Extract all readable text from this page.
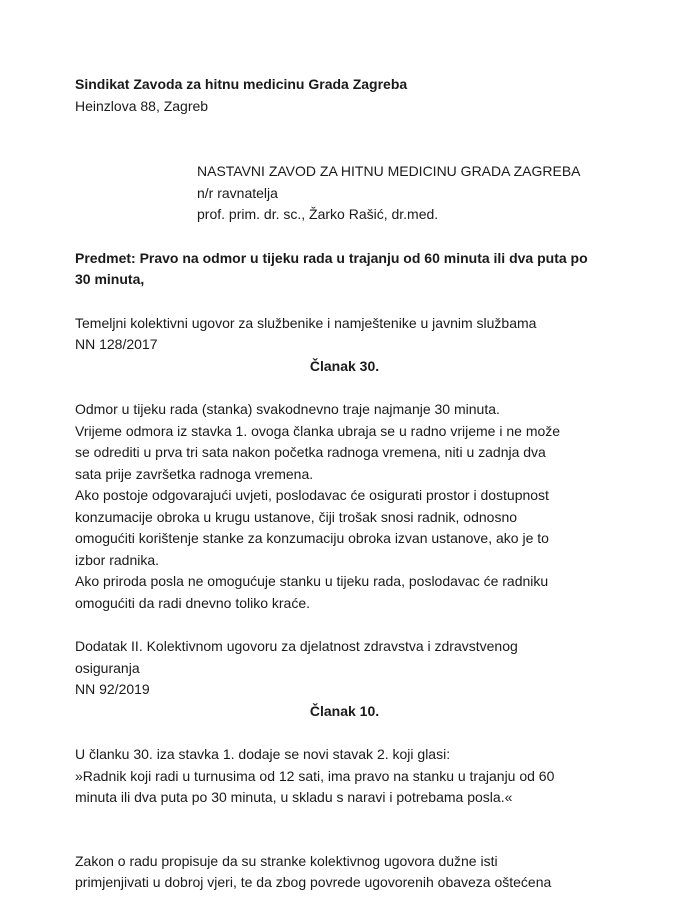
Sindikat Zavoda za hitnu medicinu Grada Zagreba

Heinzlova 88, Zagreb

NASTAVNI ZAVOD ZA HITNU MEDICINU GRADA ZAGREBA

n/r ravnatelja

prof. prim. dr. sc., Žarko Rašić, dr.med.

Predmet: Pravo na odmor u tijeku rada u trajanju od 60 minuta ili dva puta po

30 minuta,

Temeljni kolektivni ugovor za službenike i namještenike u javnim službama

NN 128/2017

Članak 30.

Odmor u tijeku rada (stanka) svakodnevno traje najmanje 30 minuta.

Vrijeme odmora iz stavka 1. ovoga članka ubraja se u radno vrijeme i ne može

se odrediti u prva tri sata nakon početka radnoga vremena, niti u zadnja dva

sata prije završetka radnoga vremena.

Ako postoje odgovarajući uvjeti, poslodavac će osigurati prostor i dostupnost

konzumacije obroka u krugu ustanove, čiji trošak snosi radnik, odnosno

omogućiti korištenje stanke za konzumaciju obroka izvan ustanove, ako je to

izbor radnika.

Ako priroda posla ne omogućuje stanku u tijeku rada, poslodavac će radniku

omogućiti da radi dnevno toliko kraće.

Dodatak II. Kolektivnom ugovoru za djelatnost zdravstva i zdravstvenog

osiguranja

NN 92/2019

Članak 10.

U članku 30. iza stavka 1. dodaje se novi stavak 2. koji glasi:

»Radnik koji radi u turnusima od 12 sati, ima pravo na stanku u trajanju od 60

minuta ili dva puta po 30 minuta, u skladu s naravi i potrebama posla.«

Zakon o radu propisuje da su stranke kolektivnog ugovora dužne isti

primjenjivati u dobroj vjeri, te da zbog povrede ugovorenih obaveza oštećena
